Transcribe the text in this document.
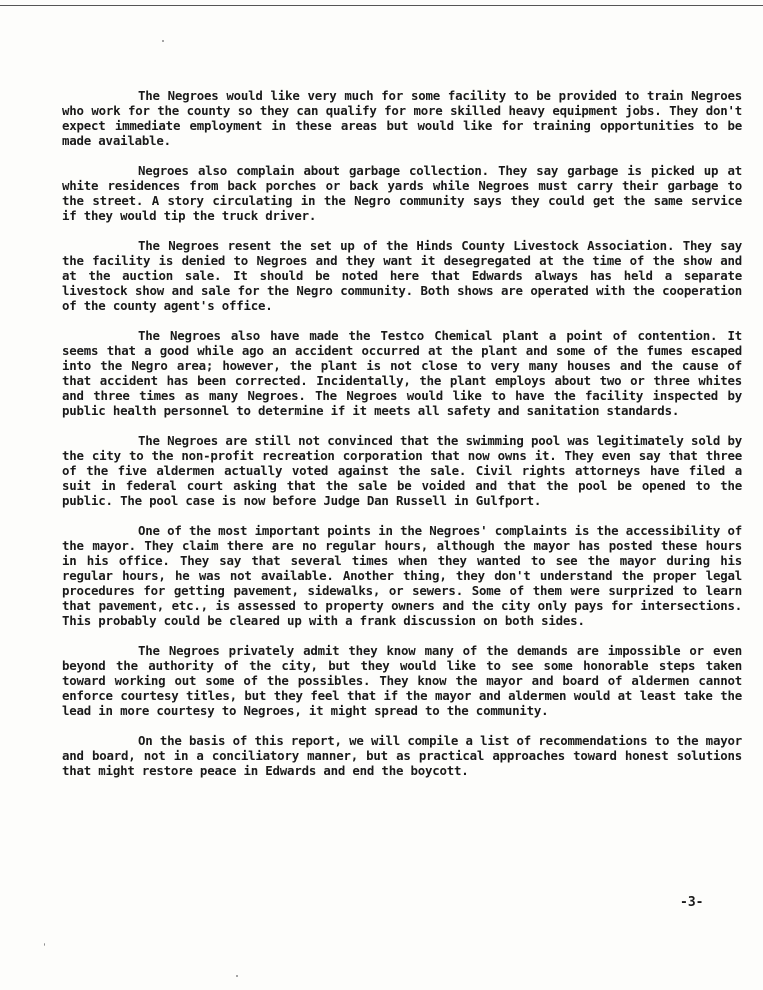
The Negroes would like very much for some facility to be provided to train Negroes who work for the county so they can qualify for more skilled heavy equipment jobs. They don't expect immediate employment in these areas but would like for training opportunities to be made available.

Negroes also complain about garbage collection. They say garbage is picked up at white residences from back porches or back yards while Negroes must carry their garbage to the street. A story circulating in the Negro community says they could get the same service if they would tip the truck driver.

The Negroes resent the set up of the Hinds County Livestock Association. They say the facility is denied to Negroes and they want it desegregated at the time of the show and at the auction sale. It should be noted here that Edwards always has held a separate livestock show and sale for the Negro community. Both shows are operated with the cooperation of the county agent's office.

The Negroes also have made the Testco Chemical plant a point of contention. It seems that a good while ago an accident occurred at the plant and some of the fumes escaped into the Negro area; however, the plant is not close to very many houses and the cause of that accident has been corrected. Incidentally, the plant employs about two or three whites and three times as many Negroes. The Negroes would like to have the facility inspected by public health personnel to determine if it meets all safety and sanitation standards.

The Negroes are still not convinced that the swimming pool was legitimately sold by the city to the non-profit recreation corporation that now owns it. They even say that three of the five aldermen actually voted against the sale. Civil rights attorneys have filed a suit in federal court asking that the sale be voided and that the pool be opened to the public. The pool case is now before Judge Dan Russell in Gulfport.

One of the most important points in the Negroes' complaints is the accessibility of the mayor. They claim there are no regular hours, although the mayor has posted these hours in his office. They say that several times when they wanted to see the mayor during his regular hours, he was not available. Another thing, they don't understand the proper legal procedures for getting pavement, sidewalks, or sewers. Some of them were surprized to learn that pavement, etc., is assessed to property owners and the city only pays for intersections. This probably could be cleared up with a frank discussion on both sides.

The Negroes privately admit they know many of the demands are impossible or even beyond the authority of the city, but they would like to see some honorable steps taken toward working out some of the possibles. They know the mayor and board of aldermen cannot enforce courtesy titles, but they feel that if the mayor and aldermen would at least take the lead in more courtesy to Negroes, it might spread to the community.

On the basis of this report, we will compile a list of recommendations to the mayor and board, not in a conciliatory manner, but as practical approaches toward honest solutions that might restore peace in Edwards and end the boycott.

-3-
